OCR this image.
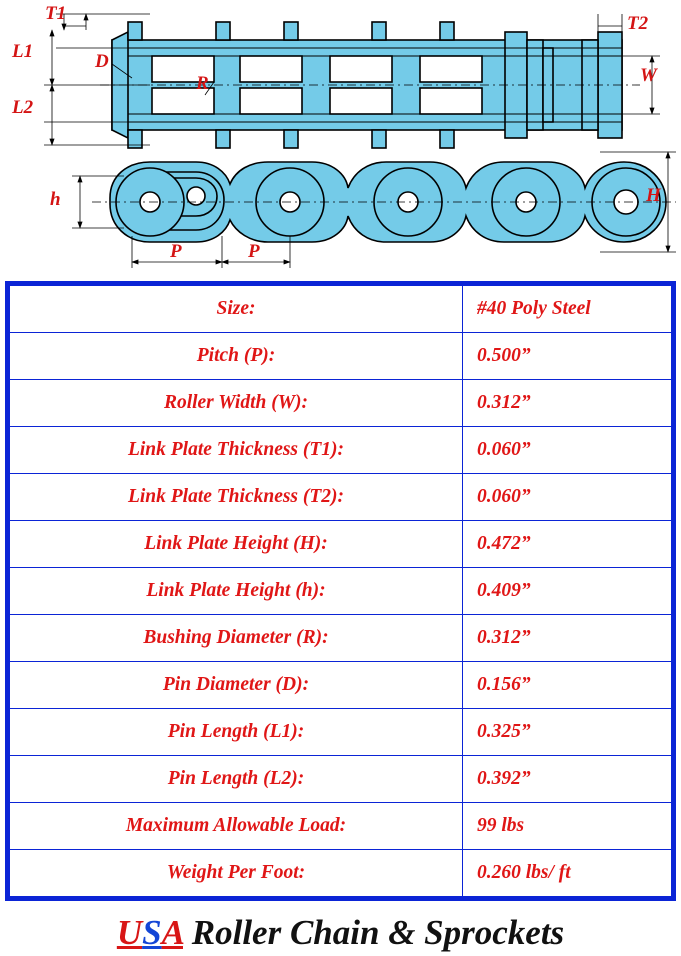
T1	T2
L1
L2
D
R	W
H
h
P	P
Size:	#40 Poly Steel
Pitch (P):	0.500”
Roller Width (W):	0.312”
Link Plate Thickness (T1):	0.060”
Link Plate Thickness (T2):	0.060”
Link Plate Height (H):	0.472”
Link Plate Height (h):	0.409”
Bushing Diameter (R):	0.312”
Pin Diameter (D):	0.156”
Pin Length (L1):	0.325”
Pin Length (L2):	0.392”
Maximum Allowable Load:	99 lbs
Weight Per Foot:	0.260 lbs/ ft
USA Roller Chain & Sprockets
